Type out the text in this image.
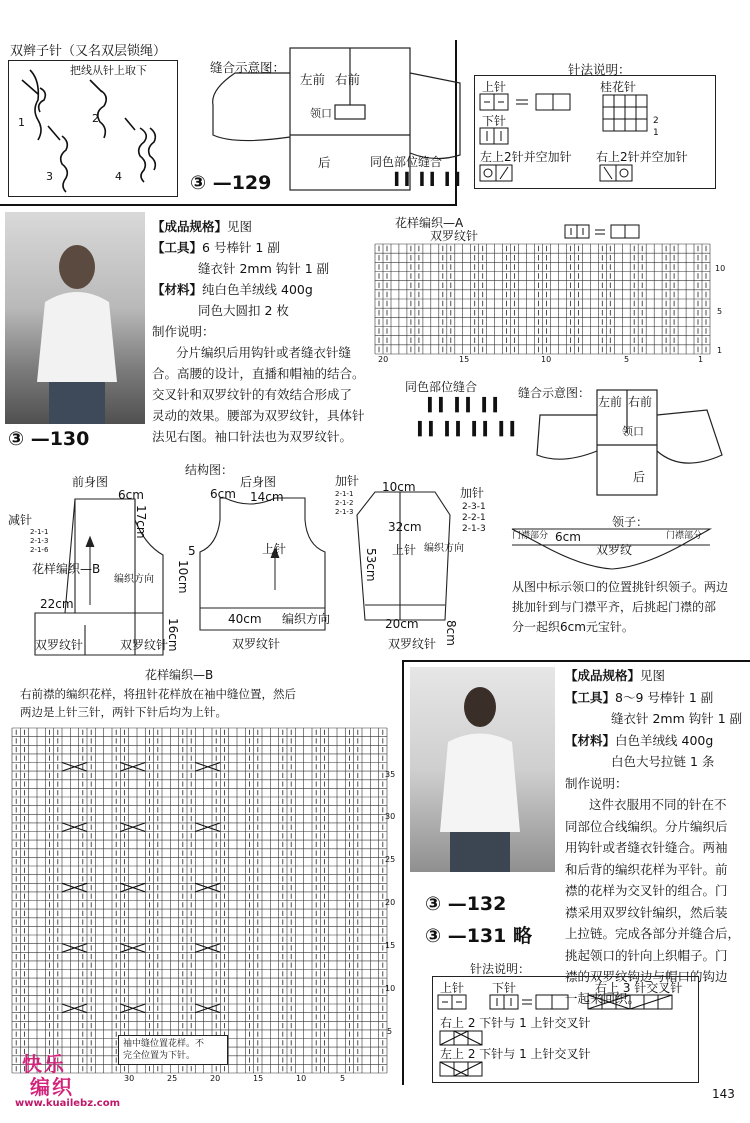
双辫子针（又名双层锁绳）
把线从针上取下
1	2
3	4
缝合示意图：
左前 右前
领口
后	同色部位缝合
▍▍ ▍▍ ▍▍
③ —129
针法说明：
上针
下针
桂花针
2
1
左上2针并空加针 右上2针并空加针
③ —130

【成品规格】见图

【工具】6 号棒针 1 副

缝衣针 2mm 钩针 1 副

【材料】纯白色羊绒线 400g

同色大圆扣 2 枚

制作说明：

分片编织后用钩针或者缝衣针缝

合。高腰的设计，直播和帽袖的结合。

交叉针和双罗纹针的有效结合形成了

灵动的效果。腰部为双罗纹针，具体针

法见右图。袖口针法也为双罗纹针。

花样编织—A
双罗纹针
10
5
1
20	15	10	5	1
同色部位缝合
▍▍ ▍▍ ▍▍
▍▍ ▍▍ ▍▍ ▍▍
缝合示意图：
左前 右前
领口
后
结构图：
前身图	后身图
6cm
17cm
减针
2-1-1
2-1-3
2-1-6
花样编织—B
5
10cm
编织方向
22cm
16cm
双罗纹针	双罗纹针
6cm 14cm
上针
40cm 编织方向
双罗纹针
加针
加针
2-1-1
2-1-2
2-1-3	2-3-1
2-2-1
2-1-3
10cm
32cm
上针 编织方向
53cm
20cm 8cm
双罗纹针
领子：
门襟部分	门襟部分
6cm
双罗纹

从图中标示领口的位置挑针织领子。两边

挑加针到与门襟平齐，后挑起门襟的部

分一起织6cm元宝针。

花样编织—B
右前襟的编织花样，将扭针花样放在袖中缝位置，然后
两边是上针三针，两针下针后均为上针。
35
30
25
20
15
10
5
30	25	20	15	10	5
袖中缝位置花样。不
完全位置为下针。

【成品规格】见图

【工具】8～9 号棒针 1 副

缝衣针 2mm 钩针 1 副

【材料】白色羊绒线 400g

白色大号拉链 1 条

制作说明：

这件衣服用不同的针在不

同部位合线编织。分片编织后

用钩针或者缝衣针缝合。两袖

和后背的编织花样为平针。前

襟的花样为交叉针的组合。门

襟采用双罗纹针编织，然后装

上拉链。完成各部分并缝合后，

挑起领口的针向上织帽子。门

襟的双罗纹钩边与帽口的钩边

一起来回织。

③ —132
③ —131 略
针法说明：
上针 下针	右上 3 针交叉针
右上 2 下针与 1 上针交叉针
左上 2 下针与 1 上针交叉针
快乐
编织
www.kuailebz.com
143
